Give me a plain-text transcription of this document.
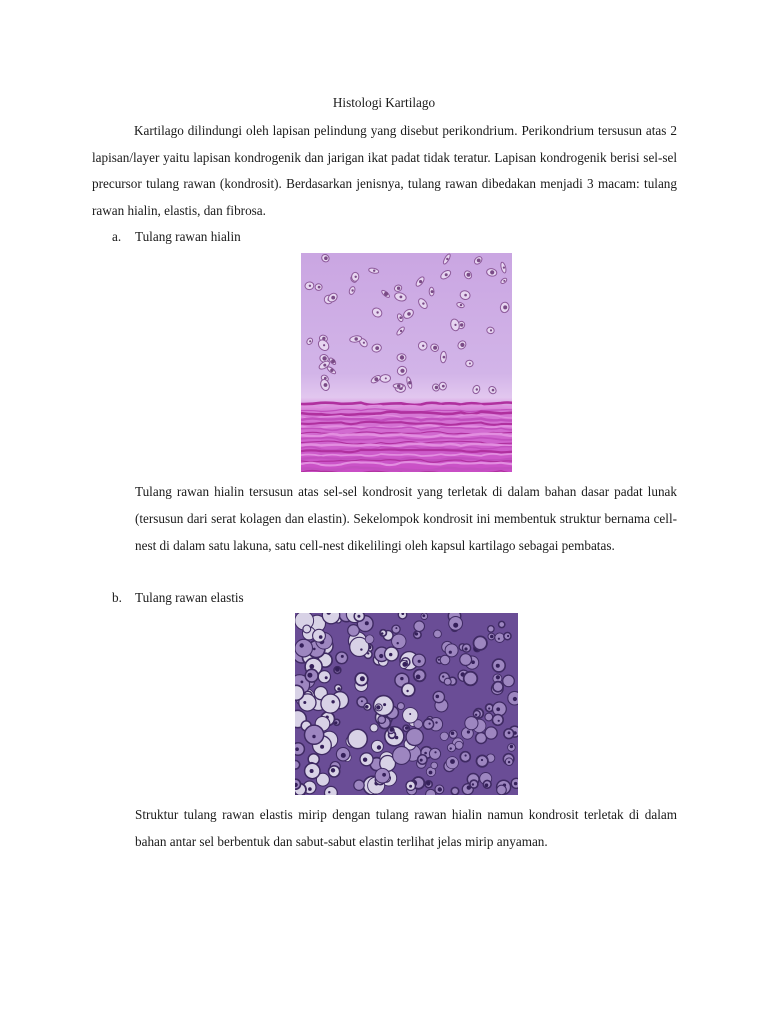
Histologi Kartilago

Kartilago dilindungi oleh lapisan pelindung yang disebut perikondrium. Perikondrium tersusun atas 2 lapisan/layer yaitu lapisan kondrogenik dan jarigan ikat padat tidak teratur. Lapisan kondrogenik berisi sel-sel precursor tulang rawan (kondrosit). Berdasarkan jenisnya, tulang rawan dibedakan menjadi 3 macam: tulang rawan hialin, elastis, dan fibrosa.

a. Tulang rawan hialin

Tulang rawan hialin tersusun atas sel-sel kondrosit yang terletak di dalam bahan dasar padat lunak (tersusun dari serat kolagen dan elastin). Sekelompok kondrosit ini membentuk struktur bernama cell-nest di dalam satu lakuna, satu cell-nest dikelilingi oleh kapsul kartilago sebagai pembatas.

b. Tulang rawan elastis

Struktur tulang rawan elastis mirip dengan tulang rawan hialin namun kondrosit terletak di dalam bahan antar sel berbentuk dan sabut-sabut elastin terlihat jelas mirip anyaman.
